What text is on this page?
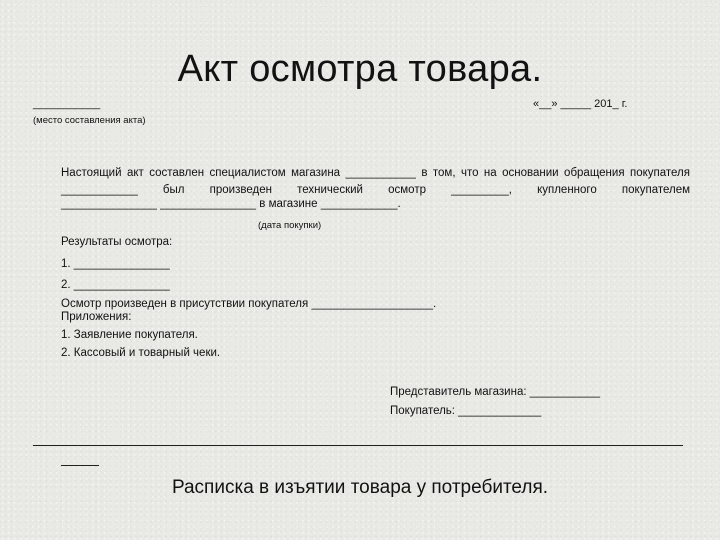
Акт осмотра товара.
___________
(место составления акта)
«__» _____ 201_ г.

Настоящий акт составлен специалистом магазина ___________ в том, что на основании обращения покупателя ____________ был произведен технический осмотр _________, купленного покупателем

_______________ _______________ в магазине ____________.
(дата покупки)
Результаты осмотра:
1. _______________
2. _______________
Осмотр произведен в присутствии покупателя ___________________.
Приложения:
1. Заявление покупателя.
2. Кассовый и товарный чеки.
Представитель магазина: ___________
Покупатель: _____________
Расписка в изъятии товара у потребителя.
